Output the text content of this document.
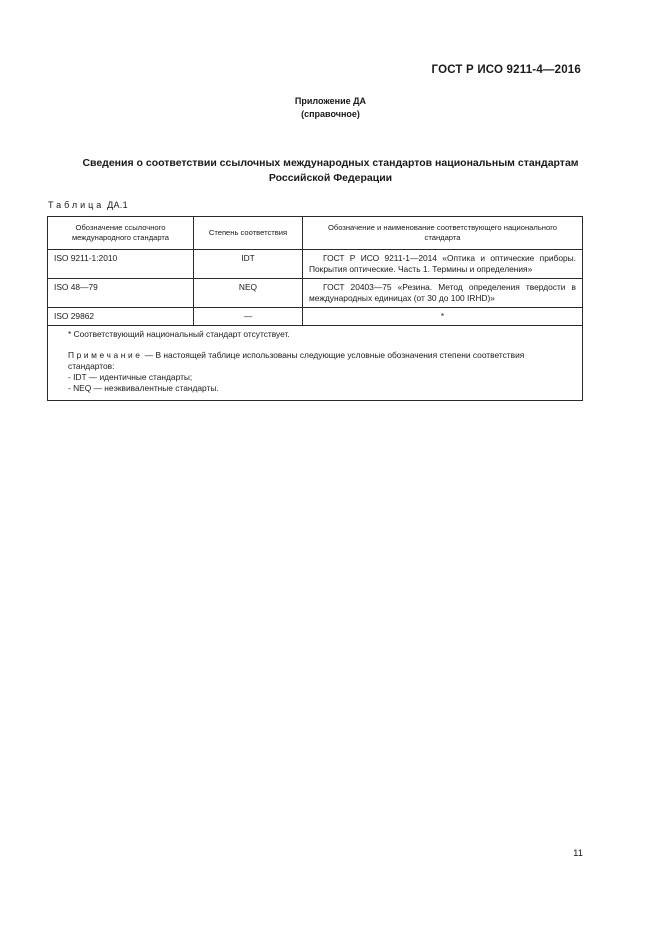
ГОСТ Р ИСО 9211-4—2016
Приложение ДА
(справочное)
Сведения о соответствии ссылочных международных стандартов национальным стандартам
Российской Федерации
Таблица ДА.1
Обозначение ссылочного международного стандарта	Степень соответствия	Обозначение и наименование соответствующего национального стандарта
ISO 9211-1:2010	IDT	ГОСТ Р ИСО 9211-1—2014 «Оптика и оптические приборы. Покрытия оптические. Часть 1. Термины и определения»
ISO 48—79	NEQ	ГОСТ 20403—75 «Резина. Метод определения твердости в международных единицах (от 30 до 100 IRHD)»
ISO 29862	—	*

* Соответствующий национальный стандарт отсутствует.

Примечание — В настоящей таблице использованы следующие условные обозначения степени соответствия стандартов:

- IDT — идентичные стандарты;

- NEQ — неэквивалентные стандарты.		

11
